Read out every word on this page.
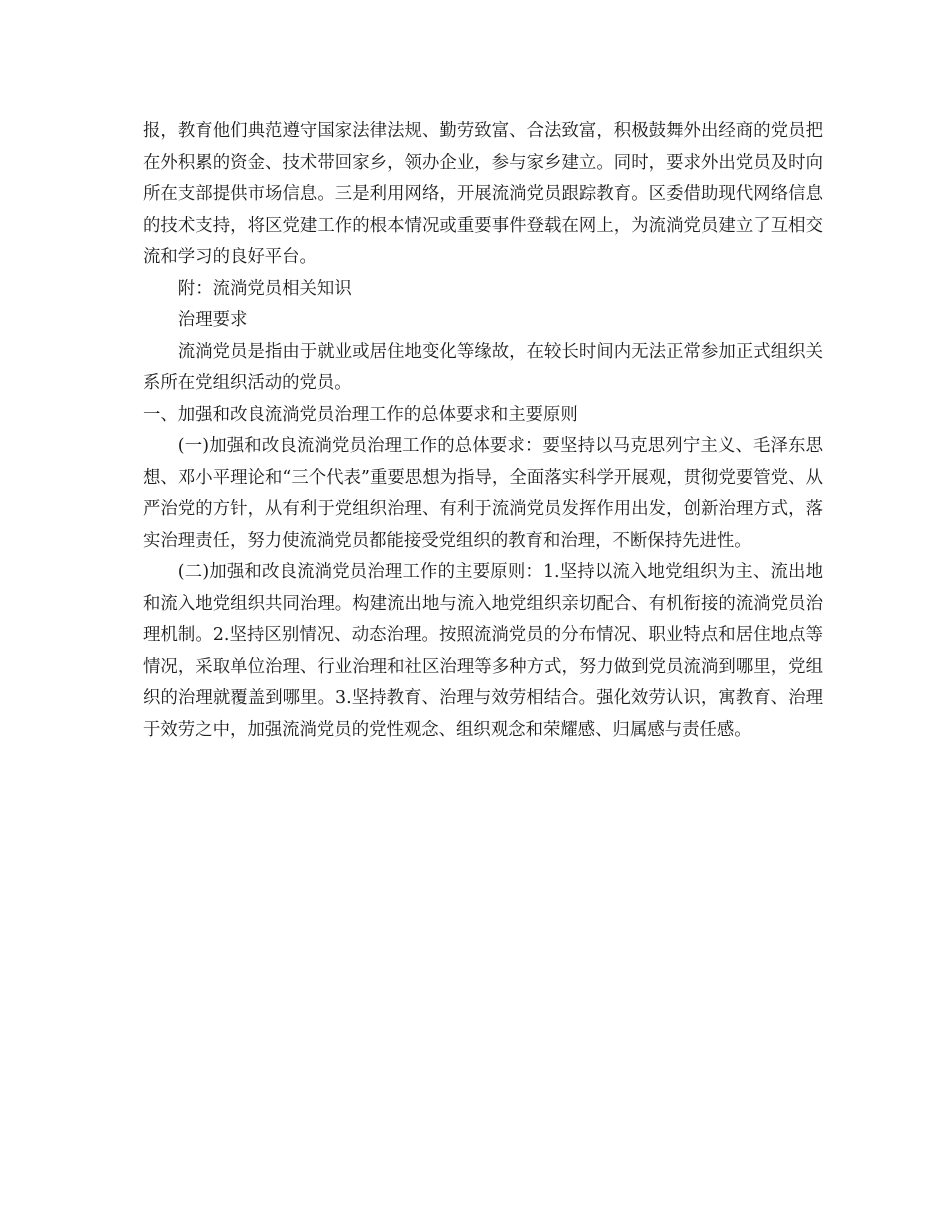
报，教育他们典范遵守国家法律法规、勤劳致富、合法致富，积极鼓舞外出经商的党员把在外积累的资金、技术带回家乡，领办企业，参与家乡建立。同时，要求外出党员及时向所在支部提供市场信息。三是利用网络，开展流淌党员跟踪教育。区委借助现代网络信息的技术支持，将区党建工作的根本情况或重要事件登载在网上，为流淌党员建立了互相交流和学习的良好平台。

附：流淌党员相关知识

治理要求

流淌党员是指由于就业或居住地变化等缘故，在较长时间内无法正常参加正式组织关系所在党组织活动的党员。

一、加强和改良流淌党员治理工作的总体要求和主要原则

(一)加强和改良流淌党员治理工作的总体要求：要坚持以马克思列宁主义、毛泽东思想、邓小平理论和“三个代表”重要思想为指导，全面落实科学开展观，贯彻党要管党、从严治党的方针，从有利于党组织治理、有利于流淌党员发挥作用出发，创新治理方式，落实治理责任，努力使流淌党员都能接受党组织的教育和治理，不断保持先进性。

(二)加强和改良流淌党员治理工作的主要原则：1.坚持以流入地党组织为主、流出地和流入地党组织共同治理。构建流出地与流入地党组织亲切配合、有机衔接的流淌党员治理机制。2.坚持区别情况、动态治理。按照流淌党员的分布情况、职业特点和居住地点等情况，采取单位治理、行业治理和社区治理等多种方式，努力做到党员流淌到哪里，党组织的治理就覆盖到哪里。3.坚持教育、治理与效劳相结合。强化效劳认识，寓教育、治理于效劳之中，加强流淌党员的党性观念、组织观念和荣耀感、归属感与责任感。
